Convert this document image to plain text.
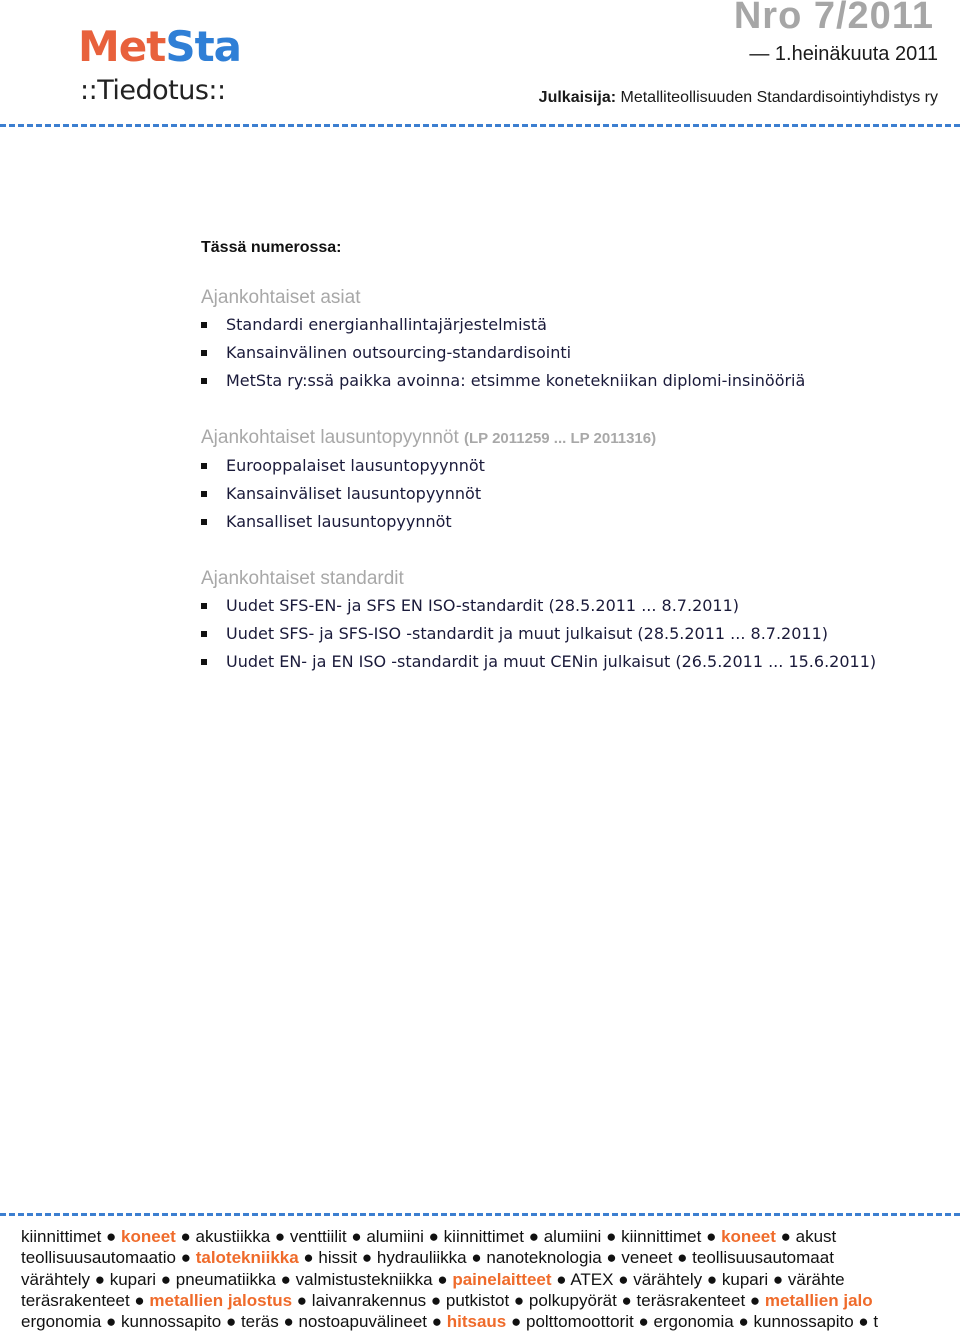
MetSta
::Tiedotus::
Nro 7/2011
— 1.heinäkuuta 2011
Julkaisija: Metalliteollisuuden Standardisointiyhdistys ry

Tässä numerossa:

Ajankohtaiset asiat

Standardi energianhallintajärjestelmistä
Kansainvälinen outsourcing-standardisointi
MetSta ry:ssä paikka avoinna: etsimme konetekniikan diplomi-insinööriä

Ajankohtaiset lausuntopyynnöt (LP 2011259 ... LP 2011316)

Eurooppalaiset lausuntopyynnöt
Kansainväliset lausuntopyynnöt
Kansalliset lausuntopyynnöt

Ajankohtaiset standardit

Uudet SFS-EN- ja SFS EN ISO-standardit (28.5.2011 ... 8.7.2011)
Uudet SFS- ja SFS-ISO -standardit ja muut julkaisut (28.5.2011 ... 8.7.2011)
Uudet EN- ja EN ISO -standardit ja muut CENin julkaisut (26.5.2011 ... 15.6.2011)
kiinnittimet ● koneet ● akustiikka ● venttiilit ● alumiini ● kiinnittimet ● alumiini ● kiinnittimet ● koneet ● akust
teollisuusautomaatio ● talotekniikka ● hissit ● hydrauliikka ● nanoteknologia ● veneet ● teollisuusautomaat
värähtely ● kupari ● pneumatiikka ● valmistustekniikka ● painelaitteet ● ATEX ● värähtely ● kupari ● värähte
teräsrakenteet ● metallien jalostus ● laivanrakennus ● putkistot ● polkupyörät ● teräsrakenteet ● metallien jalo
ergonomia ● kunnossapito ● teräs ● nostoapuvälineet ● hitsaus ● polttomoottorit ● ergonomia ● kunnossapito ● t
